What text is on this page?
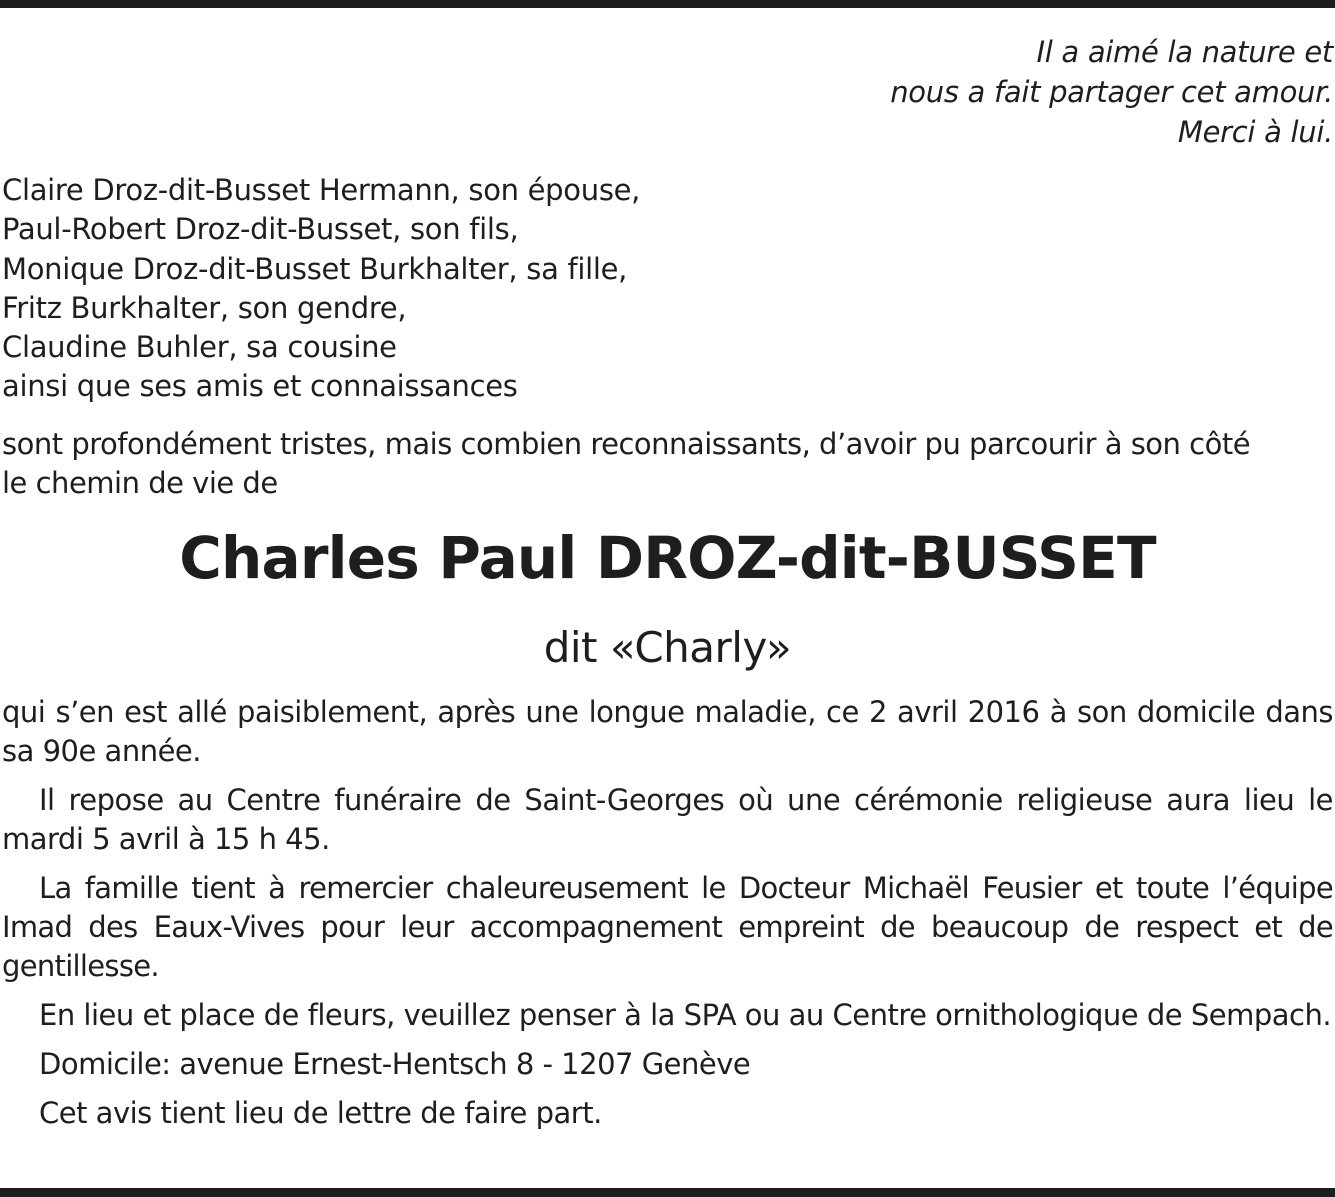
Il a aimé la nature et
nous a fait partager cet amour.
Merci à lui.
Claire Droz-dit-Busset Hermann, son épouse,
Paul-Robert Droz-dit-Busset, son fils,
Monique Droz-dit-Busset Burkhalter, sa fille,
Fritz Burkhalter, son gendre,
Claudine Buhler, sa cousine
ainsi que ses amis et connaissances
sont profondément tristes, mais combien reconnaissants, d’avoir pu parcourir à son côté
le chemin de vie de
Charles Paul DROZ-dit-BUSSET
dit «Charly»

qui s’en est allé paisiblement, après une longue maladie, ce 2 avril 2016 à son domicile dans sa 90e année.

Il repose au Centre funéraire de Saint-Georges où une cérémonie religieuse aura lieu le mardi 5 avril à 15 h 45.

La famille tient à remercier chaleureusement le Docteur Michaël Feusier et toute l’équipe Imad des Eaux-Vives pour leur accompagnement empreint de beaucoup de respect et de gentillesse.

En lieu et place de fleurs, veuillez penser à la SPA ou au Centre ornithologique de Sempach.

Domicile: avenue Ernest-Hentsch 8 - 1207 Genève

Cet avis tient lieu de lettre de faire part.
